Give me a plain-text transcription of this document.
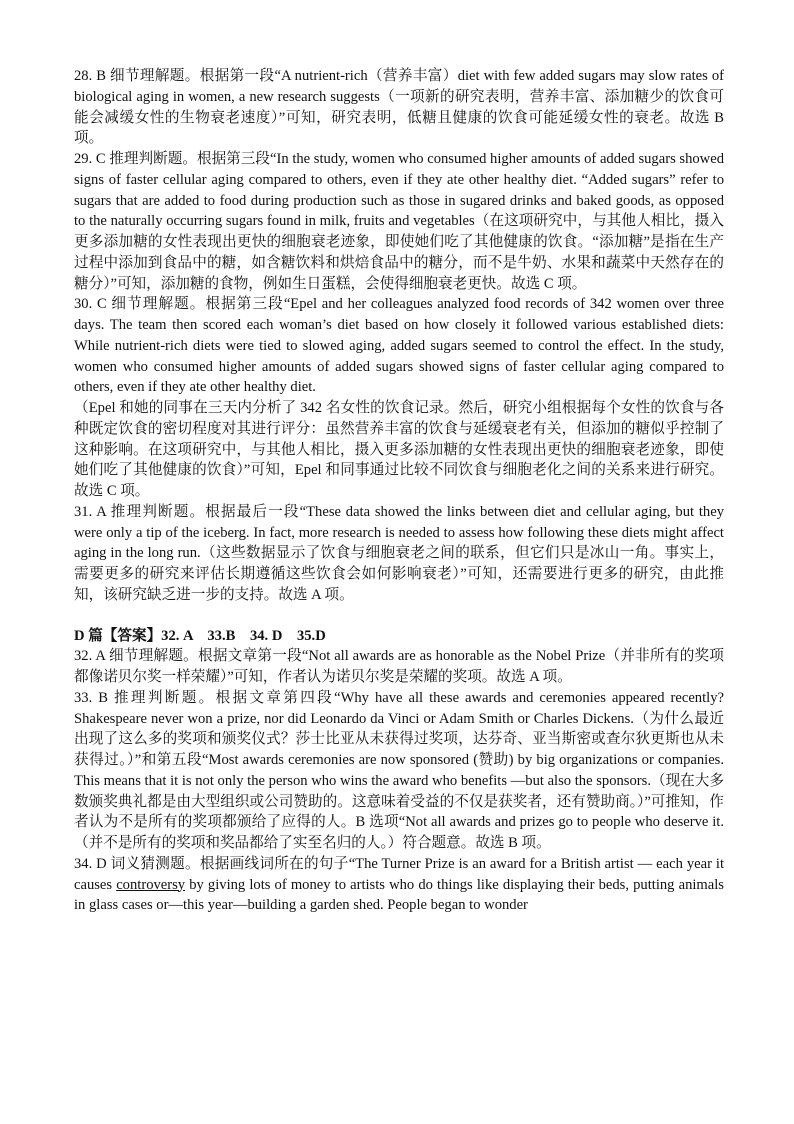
28. B 细节理解题。根据第一段“A nutrient-rich（营养丰富）diet with few added sugars may slow rates of biological aging in women, a new research suggests（一项新的研究表明，营养丰富、添加糖少的饮食可能会减缓女性的生物衰老速度）”可知，研究表明，低糖且健康的饮食可能延缓女性的衰老。故选 B 项。

29. C 推理判断题。根据第三段“In the study, women who consumed higher amounts of added sugars showed signs of faster cellular aging compared to others, even if they ate other healthy diet. “Added sugars” refer to sugars that are added to food during production such as those in sugared drinks and baked goods, as opposed to the naturally occurring sugars found in milk, fruits and vegetables（在这项研究中，与其他人相比，摄入更多添加糖的女性表现出更快的细胞衰老迹象，即使她们吃了其他健康的饮食。“添加糖”是指在生产过程中添加到食品中的糖，如含糖饮料和烘焙食品中的糖分，而不是牛奶、水果和蔬菜中天然存在的糖分）”可知，添加糖的食物，例如生日蛋糕，会使得细胞衰老更快。故选 C 项。

30. C 细节理解题。根据第三段“Epel and her colleagues analyzed food records of 342 women over three days. The team then scored each woman’s diet based on how closely it followed various established diets: While nutrient-rich diets were tied to slowed aging, added sugars seemed to control the effect. In the study, women who consumed higher amounts of added sugars showed signs of faster cellular aging compared to others, even if they ate other healthy diet.

（Epel 和她的同事在三天内分析了 342 名女性的饮食记录。然后，研究小组根据每个女性的饮食与各种既定饮食的密切程度对其进行评分：虽然营养丰富的饮食与延缓衰老有关，但添加的糖似乎控制了这种影响。在这项研究中，与其他人相比，摄入更多添加糖的女性表现出更快的细胞衰老迹象，即使她们吃了其他健康的饮食）”可知，Epel 和同事通过比较不同饮食与细胞老化之间的关系来进行研究。故选 C 项。

31. A 推理判断题。根据最后一段“These data showed the links between diet and cellular aging, but they were only a tip of the iceberg. In fact, more research is needed to assess how following these diets might affect aging in the long run.（这些数据显示了饮食与细胞衰老之间的联系，但它们只是冰山一角。事实上，需要更多的研究来评估长期遵循这些饮食会如何影响衰老）”可知，还需要进行更多的研究，由此推知，该研究缺乏进一步的支持。故选 A 项。

D 篇【答案】32. A　33.B　34. D　35.D

32. A 细节理解题。根据文章第一段“Not all awards are as honorable as the Nobel Prize（并非所有的奖项都像诺贝尔奖一样荣耀）”可知，作者认为诺贝尔奖是荣耀的奖项。故选 A 项。

33. B 推理判断题。根据文章第四段“Why have all these awards and ceremonies appeared recently? Shakespeare never won a prize, nor did Leonardo da Vinci or Adam Smith or Charles Dickens.（为什么最近出现了这么多的奖项和颁奖仪式？莎士比亚从未获得过奖项，达芬奇、亚当斯密或查尔狄更斯也从未获得过。）”和第五段“Most awards ceremonies are now sponsored (赞助) by big organizations or companies. This means that it is not only the person who wins the award who benefits —but also the sponsors.（现在大多数颁奖典礼都是由大型组织或公司赞助的。这意味着受益的不仅是获奖者，还有赞助商。）”可推知，作者认为不是所有的奖项都颁给了应得的人。B 选项“Not all awards and prizes go to people who deserve it.（并不是所有的奖项和奖品都给了实至名归的人。）符合题意。故选 B 项。

34. D 词义猜测题。根据画线词所在的句子“The Turner Prize is an award for a British artist — each year it causes controversy by giving lots of money to artists who do things like displaying their beds, putting animals in glass cases or—this year—building a garden shed. People began to wonder
